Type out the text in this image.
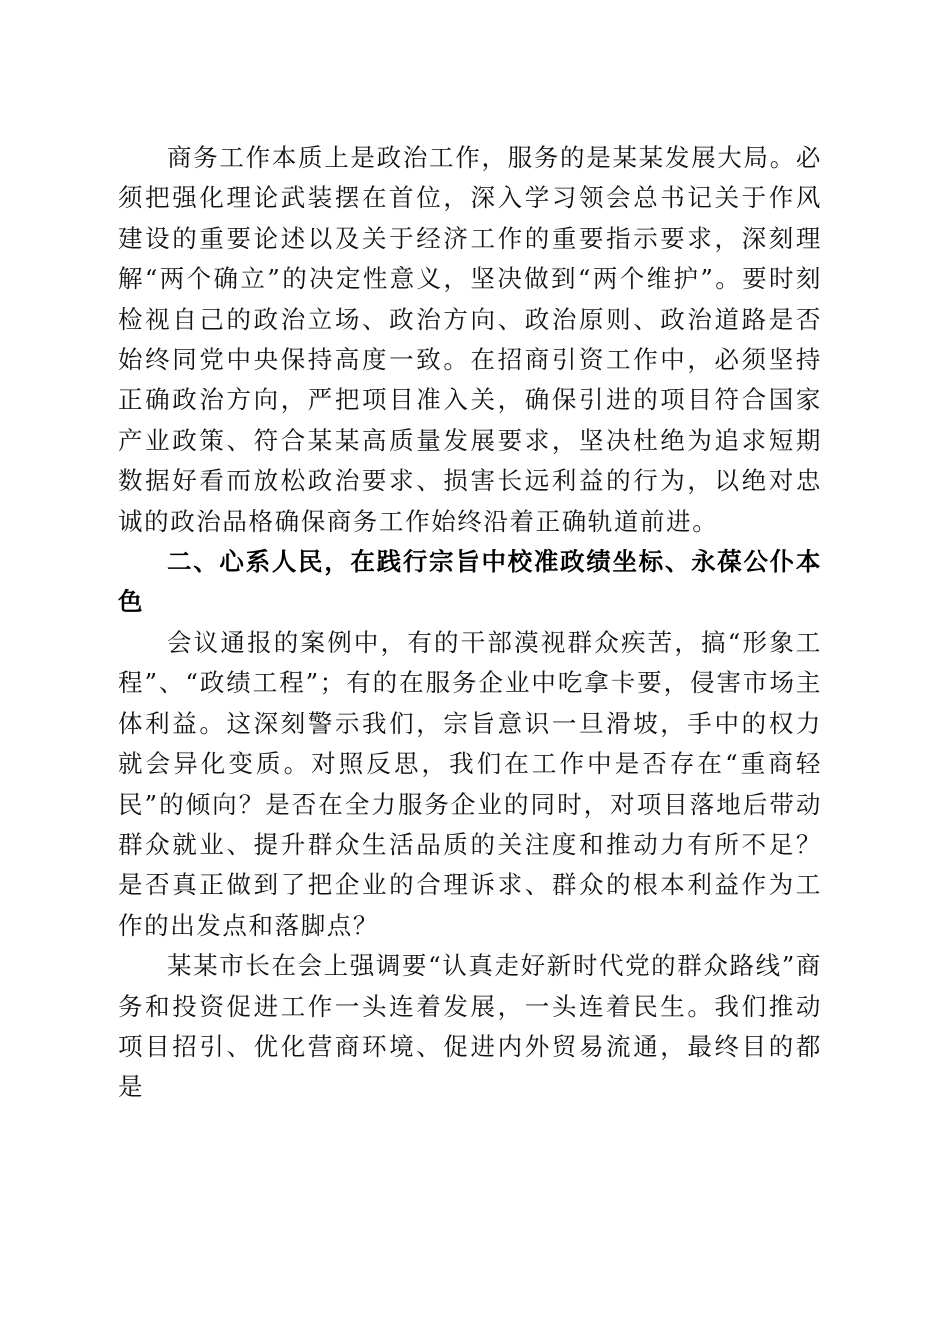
商务工作本质上是政治工作，服务的是某某发展大局。必须把强化理论武装摆在首位，深入学习领会总书记关于作风建设的重要论述以及关于经济工作的重要指示要求，深刻理解“两个确立”的决定性意义，坚决做到“两个维护”。要时刻检视自己的政治立场、政治方向、政治原则、政治道路是否始终同党中央保持高度一致。在招商引资工作中，必须坚持正确政治方向，严把项目准入关，确保引进的项目符合国家产业政策、符合某某高质量发展要求，坚决杜绝为追求短期数据好看而放松政治要求、损害长远利益的行为，以绝对忠诚的政治品格确保商务工作始终沿着正确轨道前进。

二、心系人民，在践行宗旨中校准政绩坐标、永葆公仆本色

会议通报的案例中，有的干部漠视群众疾苦，搞“形象工程”、“政绩工程”；有的在服务企业中吃拿卡要，侵害市场主体利益。这深刻警示我们，宗旨意识一旦滑坡，手中的权力就会异化变质。对照反思，我们在工作中是否存在“重商轻民”的倾向？是否在全力服务企业的同时，对项目落地后带动群众就业、提升群众生活品质的关注度和推动力有所不足？是否真正做到了把企业的合理诉求、群众的根本利益作为工作的出发点和落脚点？

某某市长在会上强调要“认真走好新时代党的群众路线”商务和投资促进工作一头连着发展，一头连着民生。我们推动项目招引、优化营商环境、促进内外贸易流通，最终目的都是
